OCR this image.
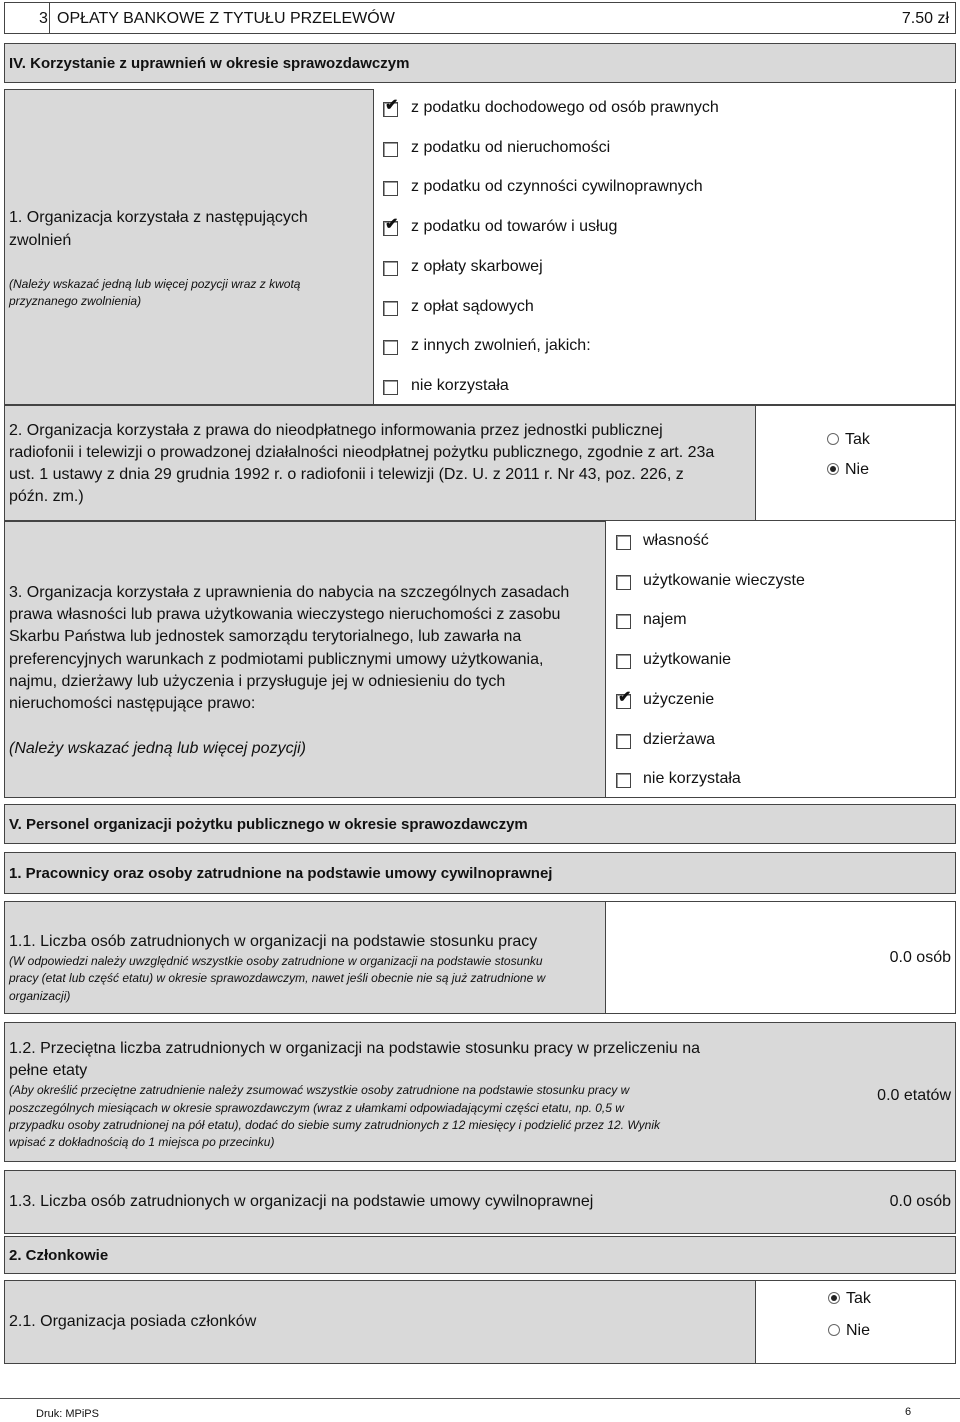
3 OPŁATY BANKOWE Z TYTUŁU PRZELEWÓW	7.50 zł
IV. Korzystanie z uprawnień w okresie sprawozdawczym
1. Organizacja korzystała z następujących
zwolnień
(Należy wskazać jedną lub więcej pozycji wraz z kwotą
przyznanego zwolnienia)
✔ z podatku dochodowego od osób prawnych
z podatku od nieruchomości
z podatku od czynności cywilnoprawnych
✔ z podatku od towarów i usług
z opłaty skarbowej
z opłat sądowych
z innych zwolnień, jakich:
nie korzystała
2. Organizacja korzystała z prawa do nieodpłatnego informowania przez jednostki publicznej
radiofonii i telewizji o prowadzonej działalności nieodpłatnej pożytku publicznego, zgodnie z art. 23a
ust. 1 ustawy z dnia 29 grudnia 1992 r. o radiofonii i telewizji (Dz. U. z 2011 r. Nr 43, poz. 226, z
późn. zm.)
Tak
Nie
3. Organizacja korzystała z uprawnienia do nabycia na szczególnych zasadach
prawa własności lub prawa użytkowania wieczystego nieruchomości z zasobu
Skarbu Państwa lub jednostek samorządu terytorialnego, lub zawarła na
preferencyjnych warunkach z podmiotami publicznymi umowy użytkowania,
najmu, dzierżawy lub użyczenia i przysługuje jej w odniesieniu do tych
nieruchomości następujące prawo:
(Należy wskazać jedną lub więcej pozycji)
własność
użytkowanie wieczyste
najem
użytkowanie
✔ użyczenie
dzierżawa
nie korzystała
V. Personel organizacji pożytku publicznego w okresie sprawozdawczym
1. Pracownicy oraz osoby zatrudnione na podstawie umowy cywilnoprawnej
1.1. Liczba osób zatrudnionych w organizacji na podstawie stosunku pracy
(W odpowiedzi należy uwzględnić wszystkie osoby zatrudnione w organizacji na podstawie stosunku
pracy (etat lub część etatu) w okresie sprawozdawczym, nawet jeśli obecnie nie są już zatrudnione w
organizacji)
0.0 osób
1.2. Przeciętna liczba zatrudnionych w organizacji na podstawie stosunku pracy w przeliczeniu na
pełne etaty
(Aby określić przeciętne zatrudnienie należy zsumować wszystkie osoby zatrudnione na podstawie stosunku pracy w
poszczególnych miesiącach w okresie sprawozdawczym (wraz z ułamkami odpowiadającymi części etatu, np. 0,5 w
przypadku osoby zatrudnionej na pół etatu), dodać do siebie sumy zatrudnionych z 12 miesięcy i podzielić przez 12. Wynik
wpisać z dokładnością do 1 miejsca po przecinku)
0.0 etatów
1.3. Liczba osób zatrudnionych w organizacji na podstawie umowy cywilnoprawnej	0.0 osób
2. Członkowie
2.1. Organizacja posiada członków
Tak
Nie
Druk: MPiPS	6
